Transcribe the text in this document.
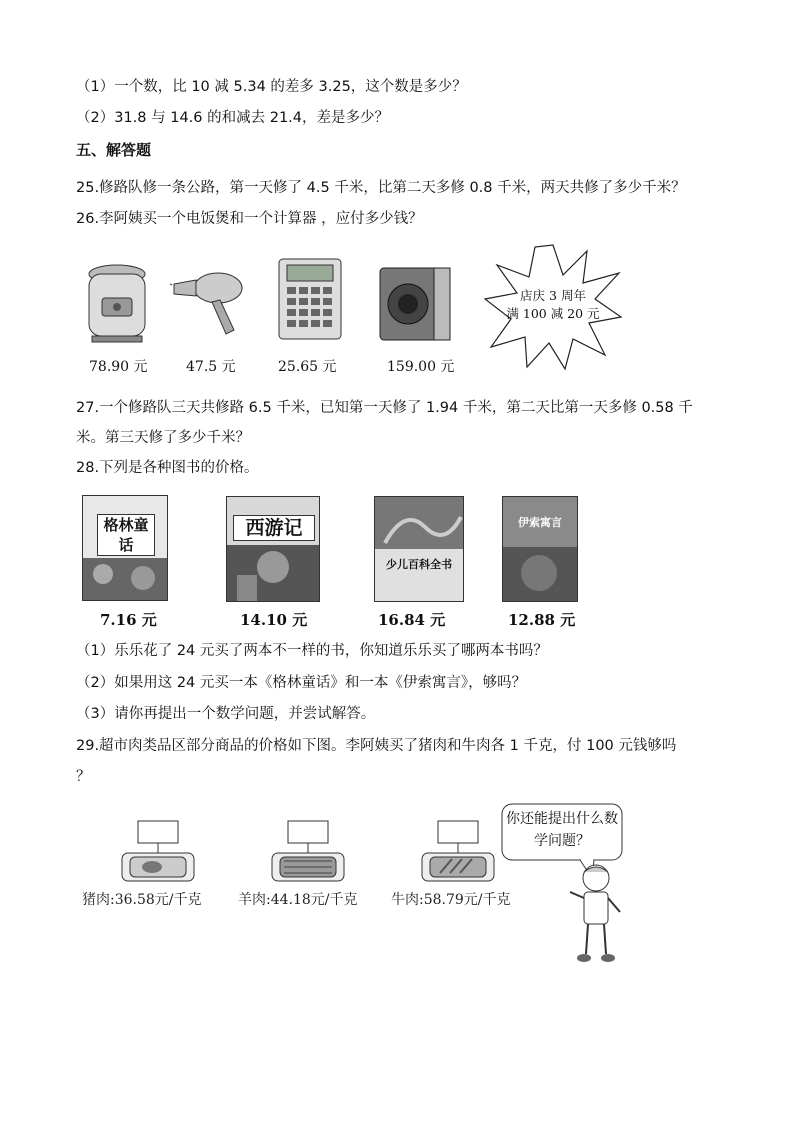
（1）一个数，比 10 减 5.34 的差多 3.25，这个数是多少？
（2）31.8 与 14.6 的和减去 21.4，差是多少？
五、解答题
25.修路队修一条公路，第一天修了 4.5 千米，比第二天多修 0.8 千米，两天共修了多少千米？
26.李阿姨买一个电饭煲和一个计算器 ，应付多少钱？
店庆 3 周年
满 100 减 20 元
78.90 元	47.5 元	25.65 元	159.00 元
27.一个修路队三天共修路 6.5 千米，已知第一天修了 1.94 千米，第二天比第一天多修 0.58 千
米。第三天修了多少千米？
28.下列是各种图书的价格。
格林童话
西游记
少儿百科全书
伊索寓言
7.16 元	14.10 元	16.84 元	12.88 元
（1）乐乐花了 24 元买了两本不一样的书，你知道乐乐买了哪两本书吗？
（2）如果用这 24 元买一本《格林童话》和一本《伊索寓言》，够吗？
（3）请你再提出一个数学问题，并尝试解答。
29.超市肉类品区部分商品的价格如下图。李阿姨买了猪肉和牛肉各 1 千克，付 100 元钱够吗
？
猪肉:36.58元/千克	羊肉:44.18元/千克 牛肉:58.79元/千克
你还能提出什么数学问题？
